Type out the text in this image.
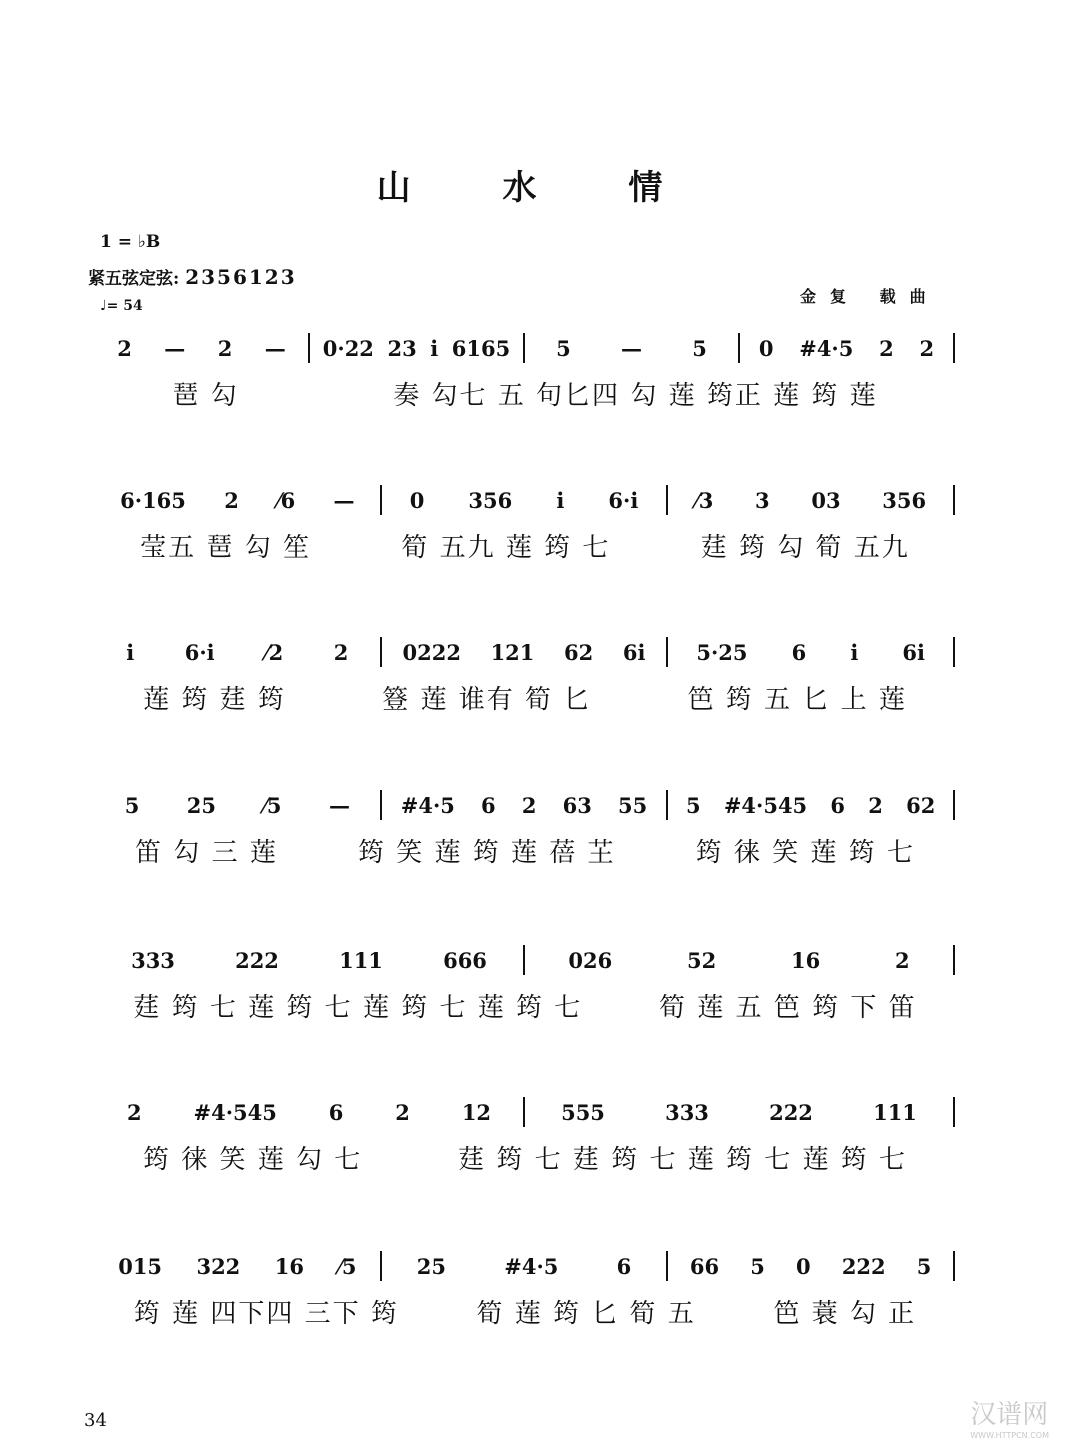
山 水 情
1 = ♭B
紧五弦定弦: 2356123
♩= 54	金复 载曲
2 — 2 — 0·22 23 i 6165 5 — 5 0 #4·5 2 2
琶 勾	奏 勾七 五 句匕四 勾 莲 筠正 莲 筠 莲
6·165 2 ⁄6 —	0 356 i 6·i	⁄3 3 03 356
莹五 琶 勾 笙	筍 五九 莲 筠 七	莛 筠 勾 筍 五九
i 6·i ⁄2 2	0222 121 62 6i 5·25 6 i 6i
莲 筠 莛 筠	簦 莲 谁有 筍 匕	笆 筠 五 匕 上 莲
5 25 ⁄5 — #4·5 6 2 63 55 5 #4·545 6 2 62
笛 勾 三 莲	筠 笑 莲 筠 莲 蓓 芏	筠 徕 笑 莲 筠 七
333	222	111	666	026	52	16	2
莛 筠 七 莲 筠 七 莲 筠 七 莲 筠 七	筍 莲 五 笆 筠 下 笛
2 #4·545 6 2 12	555	333	222	111
筠 徕 笑 莲 勾 七	莛 筠 七 莛 筠 七 莲 筠 七 莲 筠 七
015 322 16 ⁄5	25	#4·5	6	66 5 0 222 5
筠 莲 四下四 三下 筠	筍 莲 筠 匕 筍 五	笆 蓑 勾 正
34	汉谱网
WWW.HTTPCN.COM
